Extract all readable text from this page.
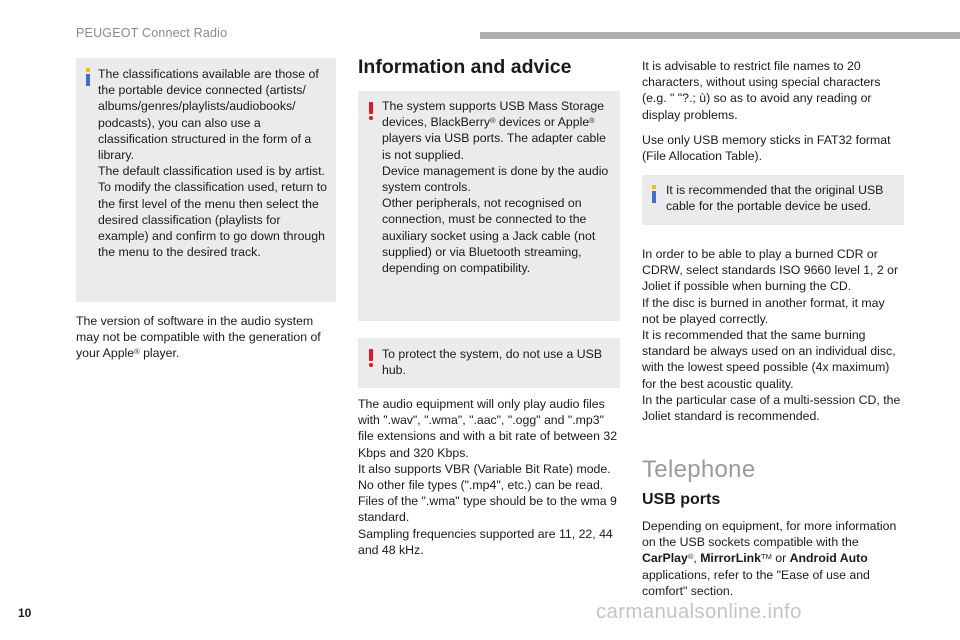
PEUGEOT Connect Radio

The classifications available are those of the portable device connected (artists/ albums/genres/playlists/audiobooks/ podcasts), you can also use a classification structured in the form of a library.
The default classification used is by artist. To modify the classification used, return to the first level of the menu then select the desired classification (playlists for example) and confirm to go down through the menu to the desired track.

The version of software in the audio system may not be compatible with the generation of your Apple® player.
Information and advice

The system supports USB Mass Storage devices, BlackBerry® devices or Apple® players via USB ports. The adapter cable is not supplied.
Device management is done by the audio system controls.
Other peripherals, not recognised on connection, must be connected to the auxiliary socket using a Jack cable (not supplied) or via Bluetooth streaming, depending on compatibility.

To protect the system, do not use a USB hub.

The audio equipment will only play audio files with ".wav", ".wma", ".aac", ".ogg" and ".mp3" file extensions and with a bit rate of between 32 Kbps and 320 Kbps.
It also supports VBR (Variable Bit Rate) mode.
No other file types (".mp4", etc.) can be read.
Files of the ".wma" type should be to the wma 9 standard.
Sampling frequencies supported are 11, 22, 44 and 48 kHz.
It is advisable to restrict file names to 20 characters, without using special characters (e.g. " "?.; ù) so as to avoid any reading or display problems.
Use only USB memory sticks in FAT32 format (File Allocation Table).

It is recommended that the original USB cable for the portable device be used.

In order to be able to play a burned CDR or CDRW, select standards ISO 9660 level 1, 2 or Joliet if possible when burning the CD.
If the disc is burned in another format, it may not be played correctly.
It is recommended that the same burning standard be always used on an individual disc, with the lowest speed possible (4x maximum) for the best acoustic quality.
In the particular case of a multi-session CD, the Joliet standard is recommended.
Telephone
USB ports
Depending on equipment, for more information on the USB sockets compatible with the
CarPlay®, MirrorLink™ or Android Auto
applications, refer to the "Ease of use and comfort" section.
10	carmanualsonline.info
